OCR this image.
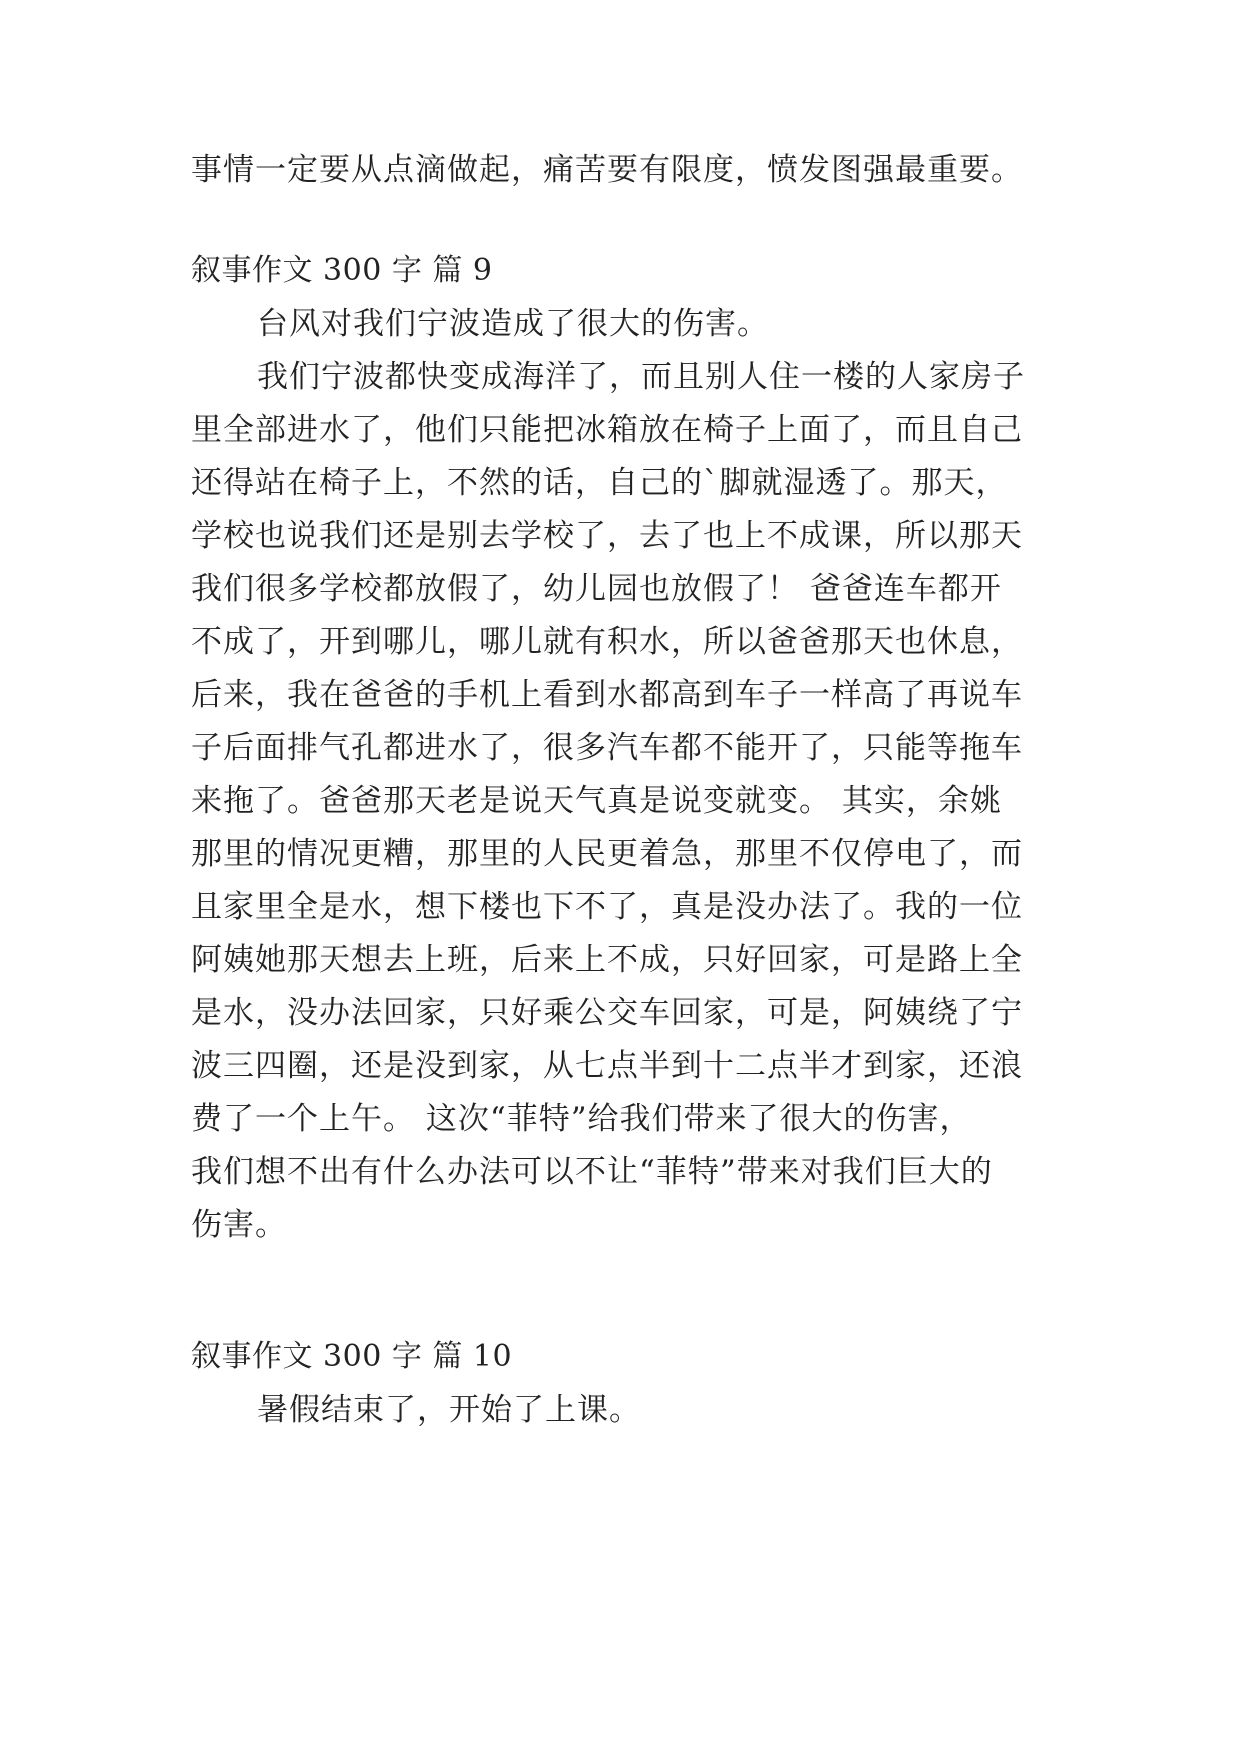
事情一定要从点滴做起，痛苦要有限度，愤发图强最重要。
叙事作文 300 字 篇 9
台风对我们宁波造成了很大的伤害。
我们宁波都快变成海洋了，而且别人住一楼的人家房子
里全部进水了，他们只能把冰箱放在椅子上面了，而且自己
还得站在椅子上，不然的话，自己的`脚就湿透了。那天，
学校也说我们还是别去学校了，去了也上不成课，所以那天
我们很多学校都放假了，幼儿园也放假了！ 爸爸连车都开
不成了，开到哪儿，哪儿就有积水，所以爸爸那天也休息，
后来，我在爸爸的手机上看到水都高到车子一样高了再说车
子后面排气孔都进水了，很多汽车都不能开了，只能等拖车
来拖了。爸爸那天老是说天气真是说变就变。 其实，余姚
那里的情况更糟，那里的人民更着急，那里不仅停电了，而
且家里全是水，想下楼也下不了，真是没办法了。我的一位
阿姨她那天想去上班，后来上不成，只好回家，可是路上全
是水，没办法回家，只好乘公交车回家，可是，阿姨绕了宁
波三四圈，还是没到家，从七点半到十二点半才到家，还浪
费了一个上午。 这次“菲特”给我们带来了很大的伤害，
我们想不出有什么办法可以不让“菲特”带来对我们巨大的
伤害。
叙事作文 300 字 篇 10
暑假结束了，开始了上课。
